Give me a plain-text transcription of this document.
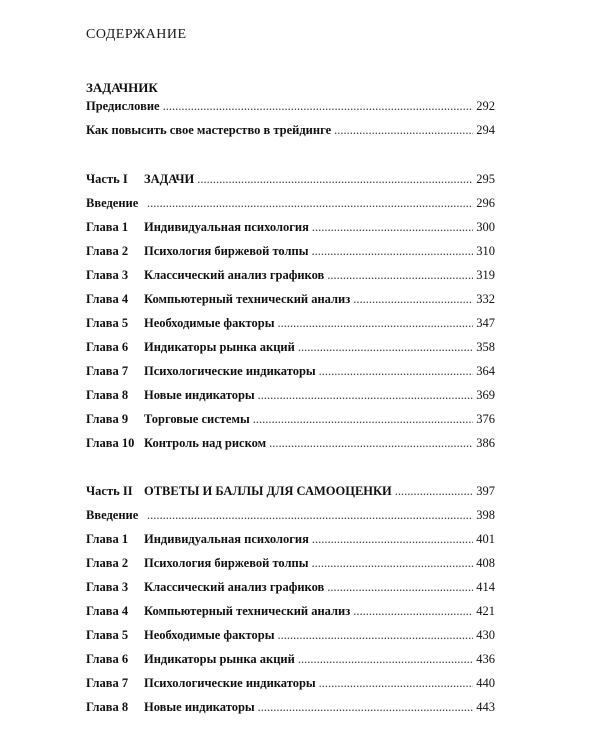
СОДЕРЖАНИЕ
ЗАДАЧНИК
Предисловие .....	292
Как повысить свое мастерство в трейдинге .....	294
Часть I	ЗАДАЧИ .....	295
Введение .....	296
Глава 1	Индивидуальная психология .....	300
Глава 2	Психология биржевой толпы .....	310
Глава 3	Классический анализ графиков .....	319
Глава 4	Компьютерный технический анализ .....	332
Глава 5	Необходимые факторы .....	347
Глава 6	Индикаторы рынка акций .....	358
Глава 7	Психологические индикаторы .....	364
Глава 8	Новые индикаторы .....	369
Глава 9	Торговые системы .....	376
Глава 10 Контроль над риском .....	386
Часть II ОТВЕТЫ И БАЛЛЫ ДЛЯ САМООЦЕНКИ .....	397
Введение .....	398
Глава 1	Индивидуальная психология .....	401
Глава 2	Психология биржевой толпы .....	408
Глава 3	Классический анализ графиков .....	414
Глава 4	Компьютерный технический анализ .....	421
Глава 5	Необходимые факторы .....	430
Глава 6	Индикаторы рынка акций .....	436
Глава 7	Психологические индикаторы .....	440
Глава 8	Новые индикаторы .....	443
